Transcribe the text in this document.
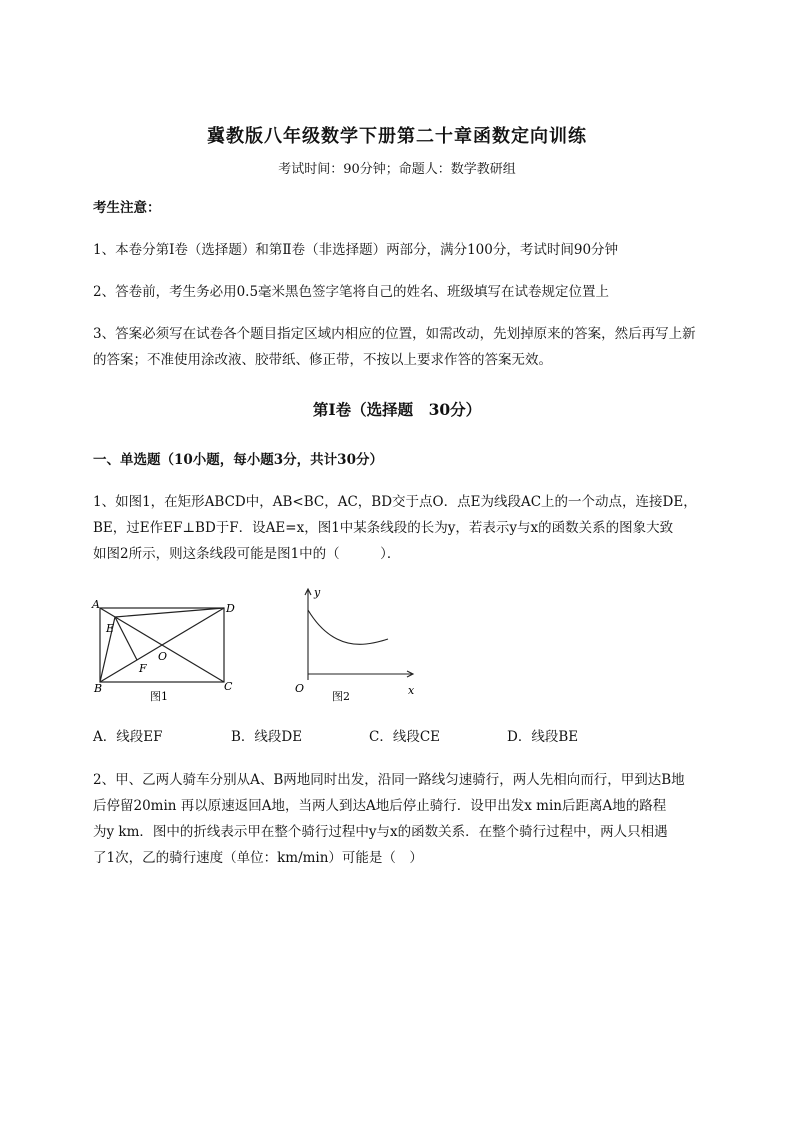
冀教版八年级数学下册第二十章函数定向训练
考试时间：90分钟；命题人：数学教研组
考生注意：
1、本卷分第I卷（选择题）和第Ⅱ卷（非选择题）两部分，满分100分，考试时间90分钟
2、答卷前，考生务必用0.5毫米黑色签字笔将自己的姓名、班级填写在试卷规定位置上
3、答案必须写在试卷各个题目指定区域内相应的位置，如需改动，先划掉原来的答案，然后再写上新
的答案；不准使用涂改液、胶带纸、修正带，不按以上要求作答的答案无效。
第I卷（选择题　30分）
一、单选题（10小题，每小题3分，共计30分）
1、如图1，在矩形ABCD中，AB<BC，AC，BD交于点O．点E为线段AC上的一个动点，连接DE，
BE，过E作EF⊥BD于F．设AE=x，图1中某条线段的长为y，若表示y与x的函数关系的图象大致
如图2所示，则这条线段可能是图1中的（　　　）．
A	D
E
F
O
B	C
图1
y
x
O
图2
A．线段EF	B．线段DE	C．线段CE	D．线段BE
2、甲、乙两人骑车分别从A、B两地同时出发，沿同一路线匀速骑行，两人先相向而行，甲到达B地
后停留20min 再以原速返回A地，当两人到达A地后停止骑行．设甲出发x min后距离A地的路程
为y km．图中的折线表示甲在整个骑行过程中y与x的函数关系．在整个骑行过程中，两人只相遇
了1次，乙的骑行速度（单位：km/min）可能是（　）
